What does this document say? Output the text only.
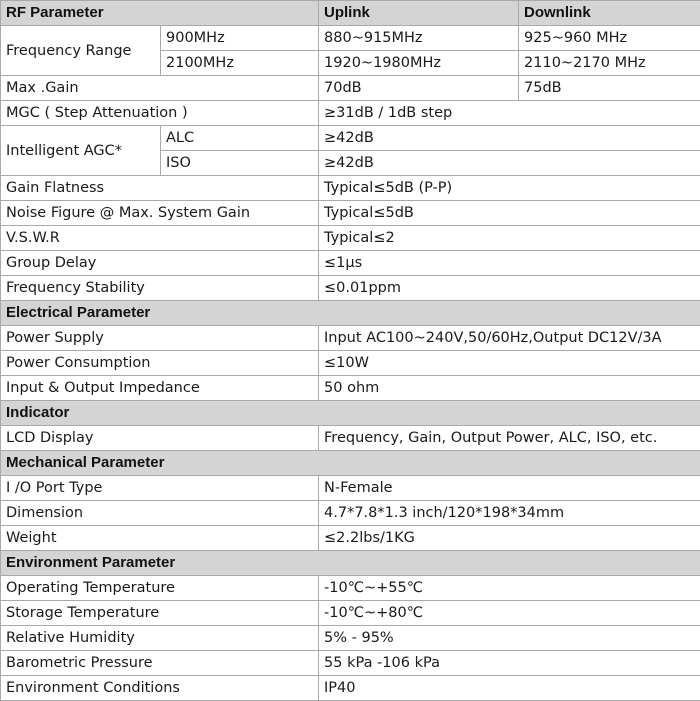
RF Parameter		Uplink	Downlink
Frequency Range	900MHz	880~915MHz	925~960 MHz
	2100MHz	1920~1980MHz	2110~2170 MHz
Max .Gain		70dB	75dB
MGC ( Step Attenuation )		≥31dB / 1dB step	
Intelligent AGC*	ALC	≥42dB	
	ISO	≥42dB	
Gain Flatness		Typical≤5dB (P-P)	
Noise Figure @ Max. System Gain		Typical≤5dB	
V.S.W.R		Typical≤2	
Group Delay		≤1μs	
Frequency Stability		≤0.01ppm	
Electrical Parameter			
Power Supply		Input AC100~240V,50/60Hz,Output DC12V/3A	
Power Consumption		≤10W	
Input & Output Impedance		50 ohm	
Indicator			
LCD Display		Frequency, Gain, Output Power, ALC, ISO, etc.	
Mechanical Parameter			
I /O Port Type		N-Female	
Dimension		4.7*7.8*1.3 inch/120*198*34mm	
Weight		≤2.2lbs/1KG	
Environment Parameter			
Operating Temperature		-10℃~+55℃	
Storage Temperature		-10℃~+80℃	
Relative Humidity		5% - 95%	
Barometric Pressure		55 kPa -106 kPa	
Environment Conditions		IP40	
